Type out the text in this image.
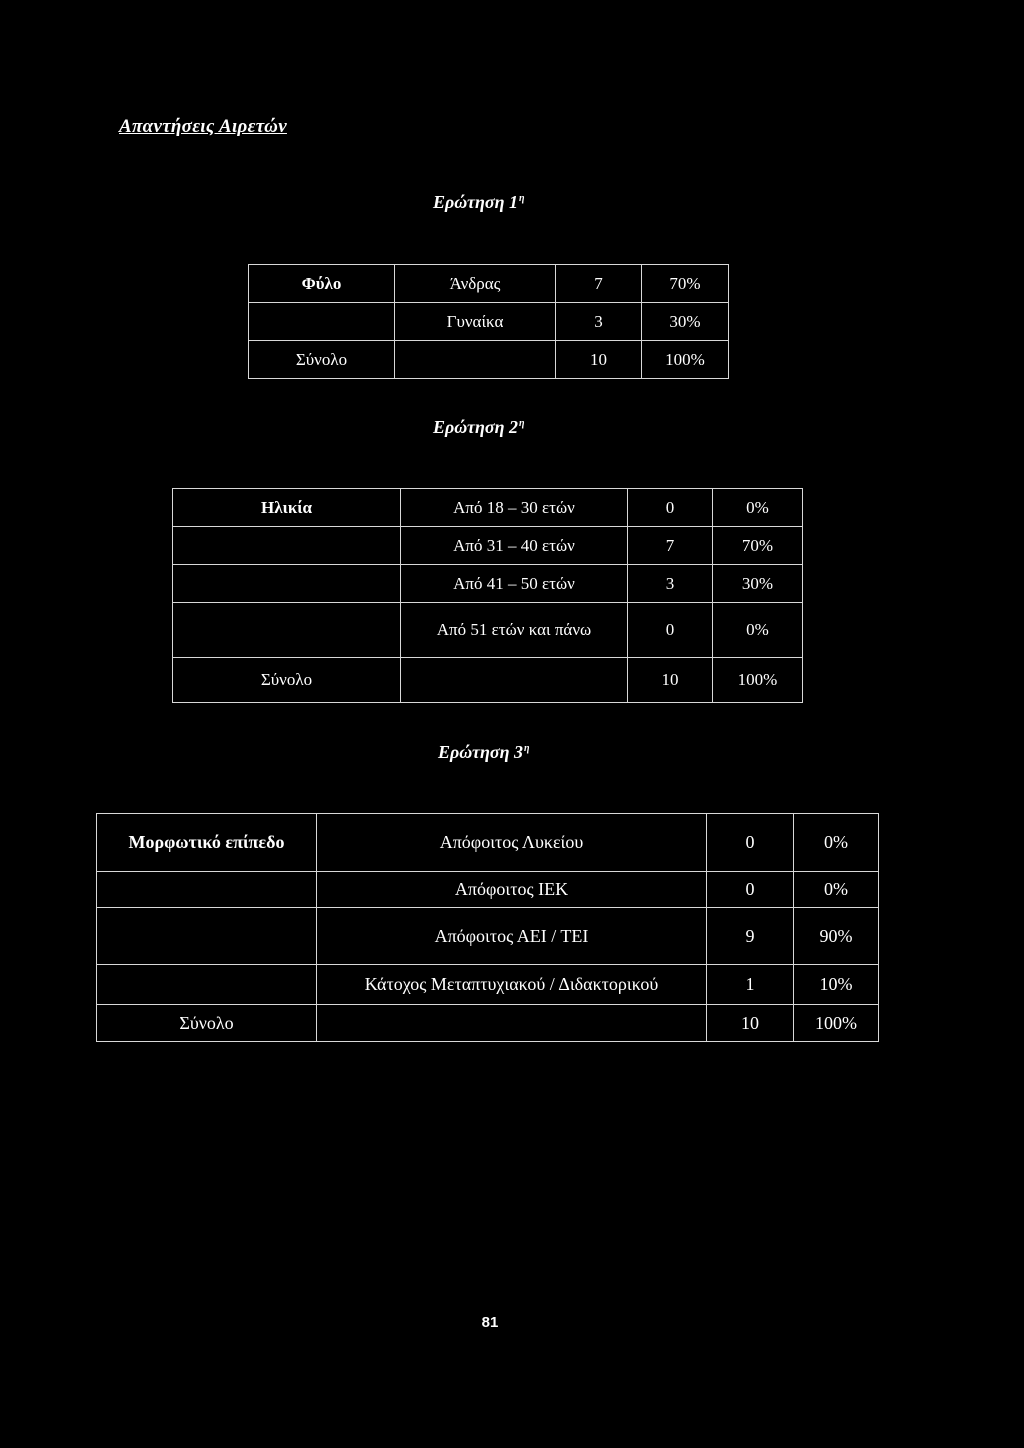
Απαντήσεις Αιρετών
Ερώτηση $1^\eta$
Φύλο	Άνδρας	7	70%
	Γυναίκα	3	30%
Σύνολο		10	100%
Ερώτηση $2^\eta$
Ηλικία	Από 18 – 30 ετών	0	0%
	Από 31 – 40 ετών	7	70%
	Από 41 – 50 ετών	3	30%
	Από 51 ετών και πάνω	0	0%
Σύνολο		10	100%
Ερώτηση $3^\eta$
Μορφωτικό επίπεδο	Απόφοιτος Λυκείου	0	0%
	Απόφοιτος ΙΕΚ	0	0%
	Απόφοιτος ΑΕΙ / ΤΕΙ	9	90%
	Κάτοχος Μεταπτυχιακού / Διδακτορικού	1	10%
Σύνολο		10	100%
81
